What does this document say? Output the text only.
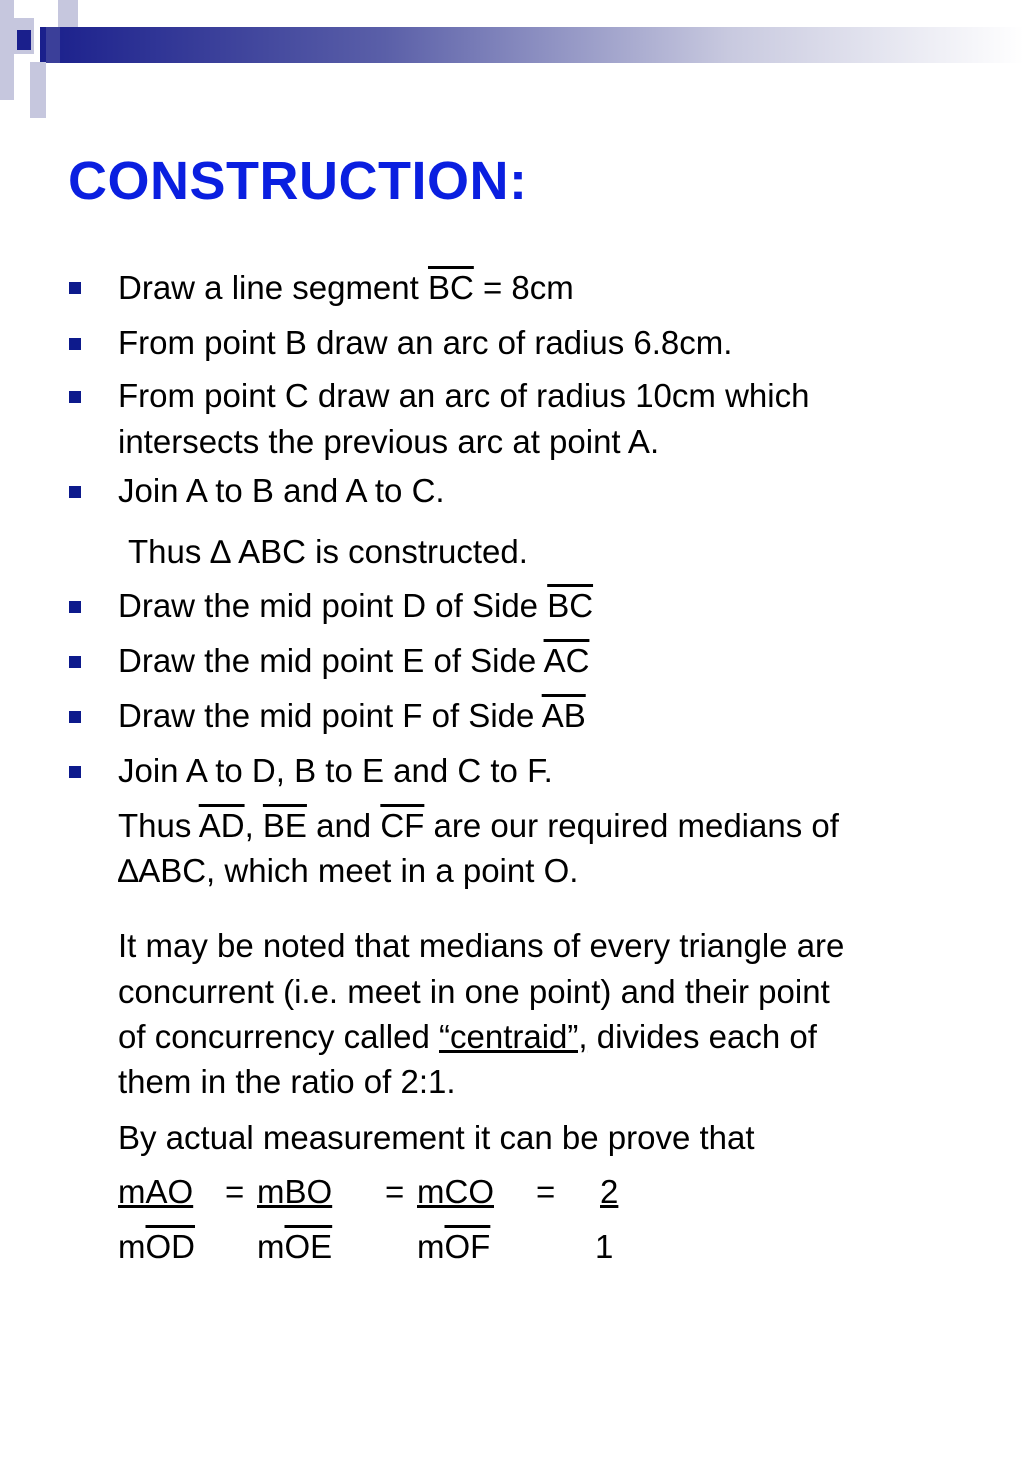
CONSTRUCTION:
Draw a line segment $\overline{BC} = 8cm$
From point B draw an arc of radius 6.8cm.
From point C draw an arc of radius 10cm which
intersects the previous arc at point A.
Join A to B and A to C.
Thus ∆ ABC is constructed.
Draw the mid point D of Side $\overline{BC}$
Draw the mid point E of Side $\overline{AC}$
Draw the mid point F of Side $\overline{AB}$
Join A to D, B to E and C to F.
Thus $\overline{AD}$, $\overline{BE}$ and $\overline{CF}$ are our required medians of
∆ABC, which meet in a point O.
It may be noted that medians of every triangle are
concurrent (i.e. meet in one point) and their point
of concurrency called “centraid”, divides each of
them in the ratio of 2:1.
By actual measurement it can be prove that
mAO = mBO = mCO =	2
$m\overline{OD}$ $m\overline{OE}$	$m\overline{OF}$	1
